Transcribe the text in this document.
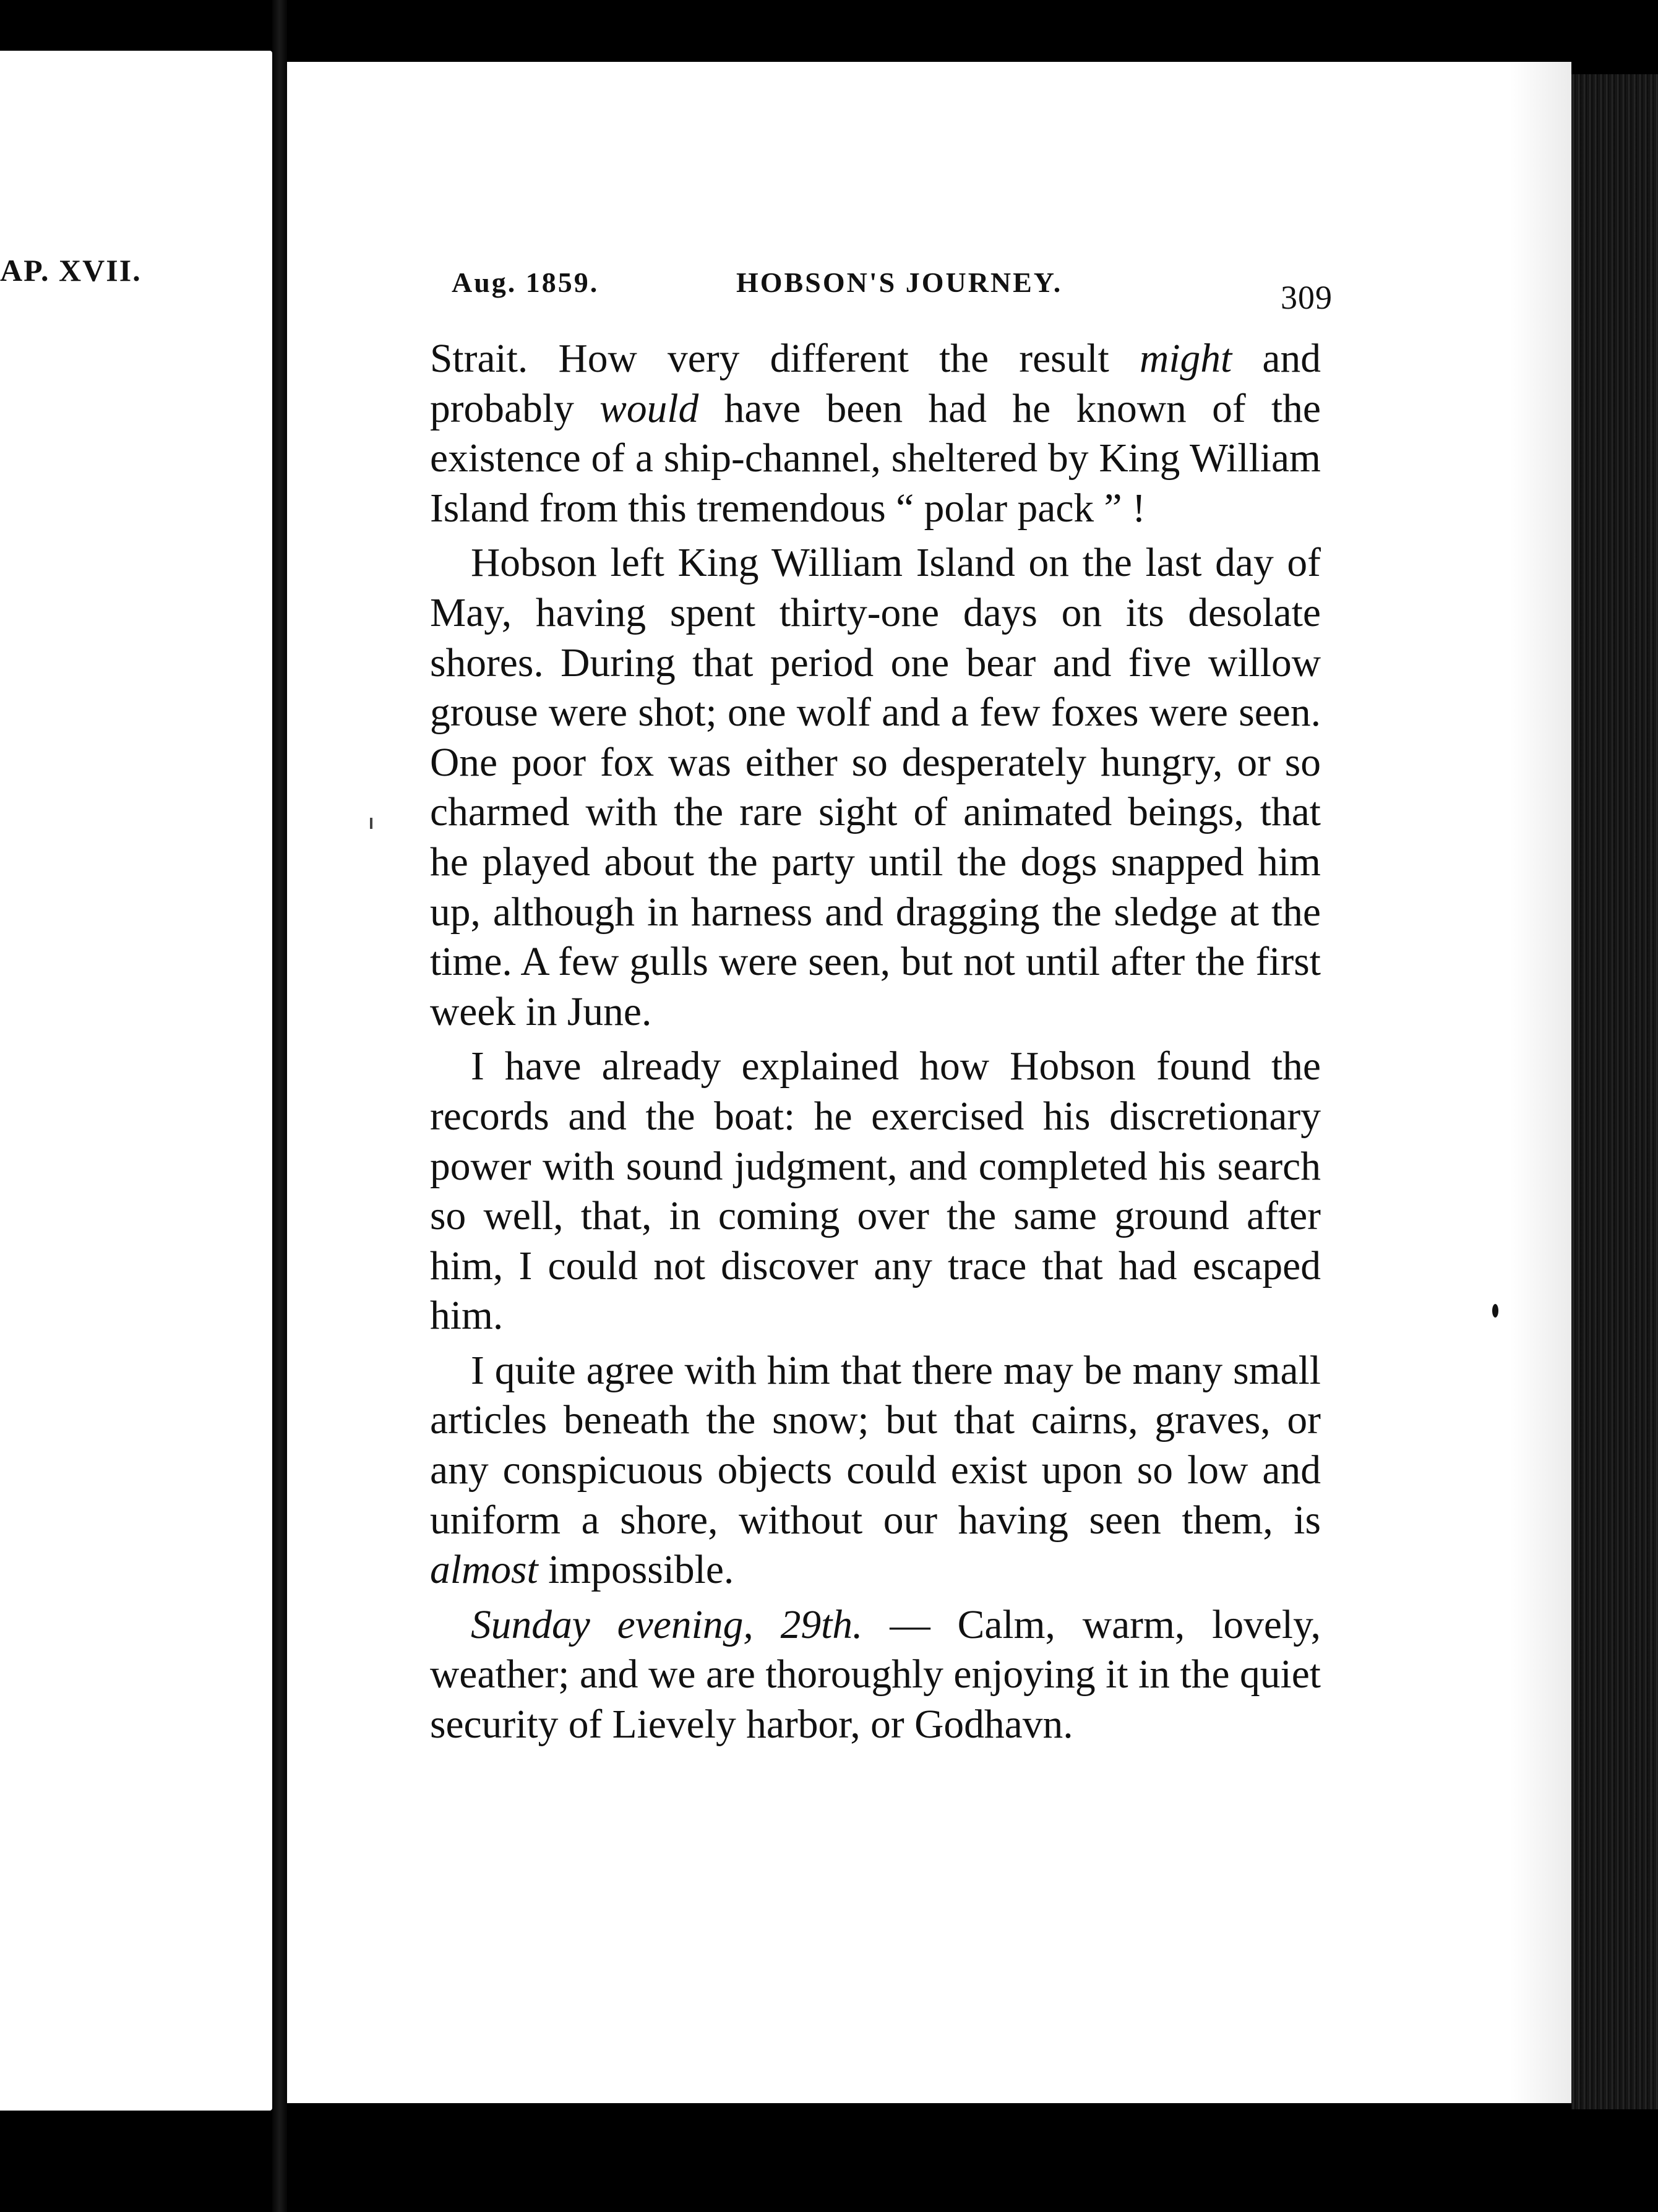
AP. XVII.	Aug. 1859.	HOBSON'S JOURNEY.	309

Strait. How very different the result might and probably would have been had he known of the existence of a ship-channel, sheltered by King William Island from this tremendous “ polar pack ” !

Hobson left King William Island on the last day of May, having spent thirty-one days on its desolate shores. During that period one bear and five willow grouse were shot; one wolf and a few foxes were seen. One poor fox was either so desperately hungry, or so charmed with the rare sight of animated beings, that he played about the party until the dogs snapped him up, although in harness and dragging the sledge at the time. A few gulls were seen, but not until after the first week in June.

I have already explained how Hobson found the records and the boat: he exercised his discretionary power with sound judgment, and completed his search so well, that, in coming over the same ground after him, I could not discover any trace that had escaped him.

I quite agree with him that there may be many small articles beneath the snow; but that cairns, graves, or any conspicuous objects could exist upon so low and uniform a shore, without our having seen them, is almost impossible.

Sunday evening, 29th. — Calm, warm, lovely, weather; and we are thoroughly enjoying it in the quiet security of Lievely harbor, or Godhavn.
